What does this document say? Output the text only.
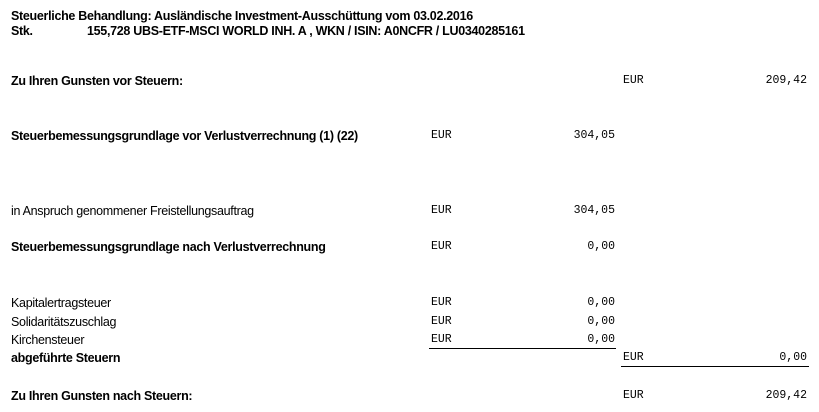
Steuerliche Behandlung: Ausländische Investment-Ausschüttung vom 03.02.2016
Stk.	155,728 UBS-ETF-MSCI WORLD INH. A , WKN / ISIN: A0NCFR / LU0340285161
Zu Ihren Gunsten vor Steuern:	EUR	209,42
Steuerbemessungsgrundlage vor Verlustverrechnung (1) (22)	EUR	304,05
in Anspruch genommener Freistellungsauftrag	EUR	304,05
Steuerbemessungsgrundlage nach Verlustverrechnung	EUR	0,00
Kapitalertragsteuer	EUR	0,00
Solidaritätszuschlag	EUR	0,00
Kirchensteuer	EUR	0,00
abgeführte Steuern	EUR	0,00
Zu Ihren Gunsten nach Steuern:	EUR	209,42
